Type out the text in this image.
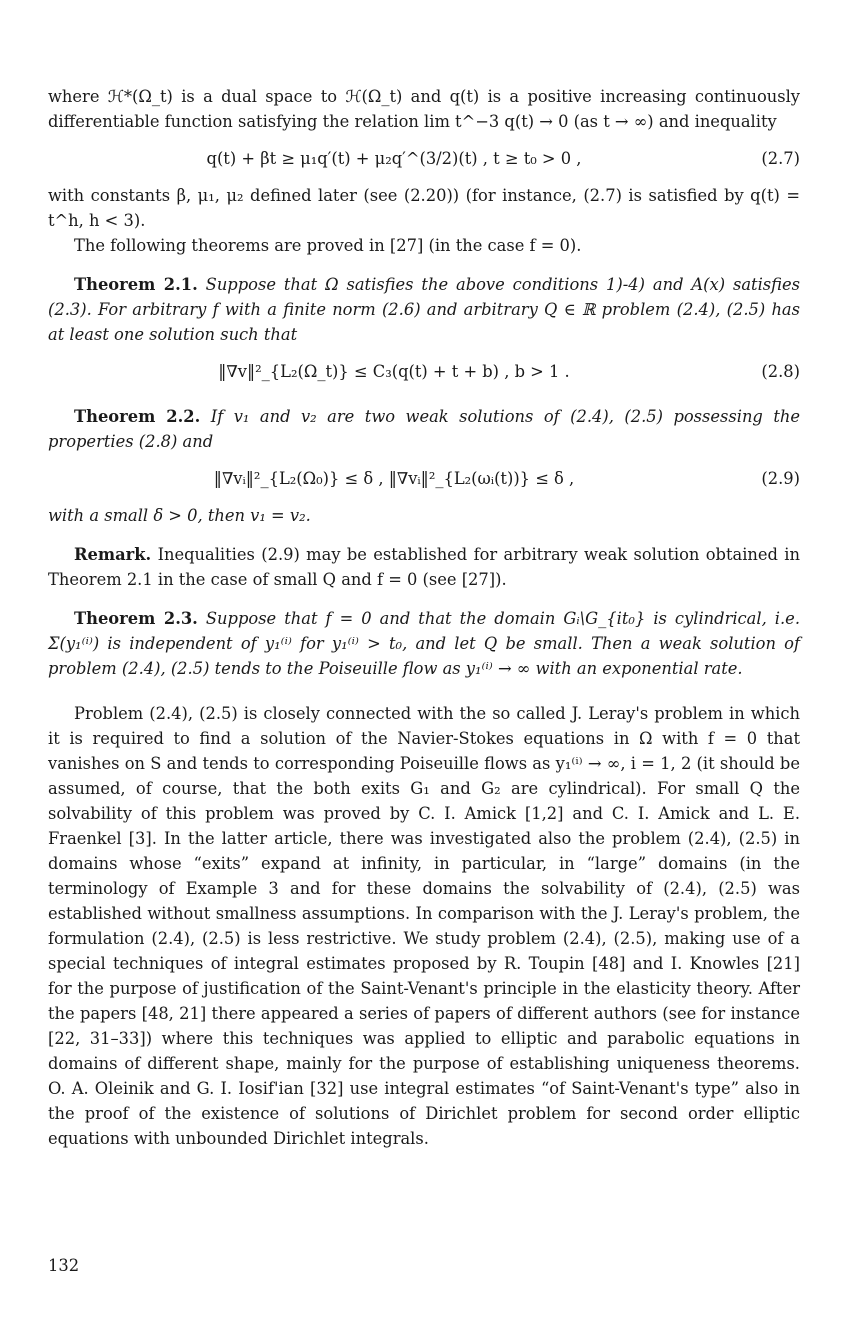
where ℋ*(Ω_t) is a dual space to ℋ(Ω_t) and q(t) is a positive increasing continuously differentiable function satisfying the relation lim t^−3 q(t) → 0 (as t → ∞) and inequality

q(t) + βt ≥ μ₁q′(t) + μ₂q′^(3/2)(t) , t ≥ t₀ > 0 ,	(2.7)

with constants β, μ₁, μ₂ defined later (see (2.20)) (for instance, (2.7) is satisfied by q(t) = t^h, h < 3).

The following theorems are proved in [27] (in the case f = 0).

Theorem 2.1. Suppose that Ω satisfies the above conditions 1)-4) and A(x) satisfies (2.3). For arbitrary f with a finite norm (2.6) and arbitrary Q ∈ ℝ problem (2.4), (2.5) has at least one solution such that

‖∇v‖²_{L₂(Ω_t)} ≤ C₃(q(t) + t + b) , b > 1 .	(2.8)

Theorem 2.2. If v₁ and v₂ are two weak solutions of (2.4), (2.5) possessing the properties (2.8) and

‖∇vᵢ‖²_{L₂(Ω₀)} ≤ δ , ‖∇vᵢ‖²_{L₂(ωᵢ(t))} ≤ δ ,	(2.9)

with a small δ > 0, then v₁ = v₂.

Remark. Inequalities (2.9) may be established for arbitrary weak solution obtained in Theorem 2.1 in the case of small Q and f = 0 (see [27]).

Theorem 2.3. Suppose that f = 0 and that the domain Gᵢ\G_{it₀} is cylindrical, i.e. Σ(y₁⁽ⁱ⁾) is independent of y₁⁽ⁱ⁾ for y₁⁽ⁱ⁾ > t₀, and let Q be small. Then a weak solution of problem (2.4), (2.5) tends to the Poiseuille flow as y₁⁽ⁱ⁾ → ∞ with an exponential rate.

Problem (2.4), (2.5) is closely connected with the so called J. Leray's problem in which it is required to find a solution of the Navier-Stokes equations in Ω with f = 0 that vanishes on S and tends to corresponding Poiseuille flows as y₁⁽ⁱ⁾ → ∞, i = 1, 2 (it should be assumed, of course, that the both exits G₁ and G₂ are cylindrical). For small Q the solvability of this problem was proved by C. I. Amick [1,2] and C. I. Amick and L. E. Fraenkel [3]. In the latter article, there was investigated also the problem (2.4), (2.5) in domains whose “exits” expand at infinity, in particular, in “large” domains (in the terminology of Example 3 and for these domains the solvability of (2.4), (2.5) was established without smallness assumptions. In comparison with the J. Leray's problem, the formulation (2.4), (2.5) is less restrictive. We study problem (2.4), (2.5), making use of a special techniques of integral estimates proposed by R. Toupin [48] and I. Knowles [21] for the purpose of justification of the Saint-Venant's principle in the elasticity theory. After the papers [48, 21] there appeared a series of papers of different authors (see for instance [22, 31–33]) where this techniques was applied to elliptic and parabolic equations in domains of different shape, mainly for the purpose of establishing uniqueness theorems. O. A. Oleinik and G. I. Iosif'ian [32] use integral estimates “of Saint-Venant's type” also in the proof of the existence of solutions of Dirichlet problem for second order elliptic equations with unbounded Dirichlet integrals.

132
